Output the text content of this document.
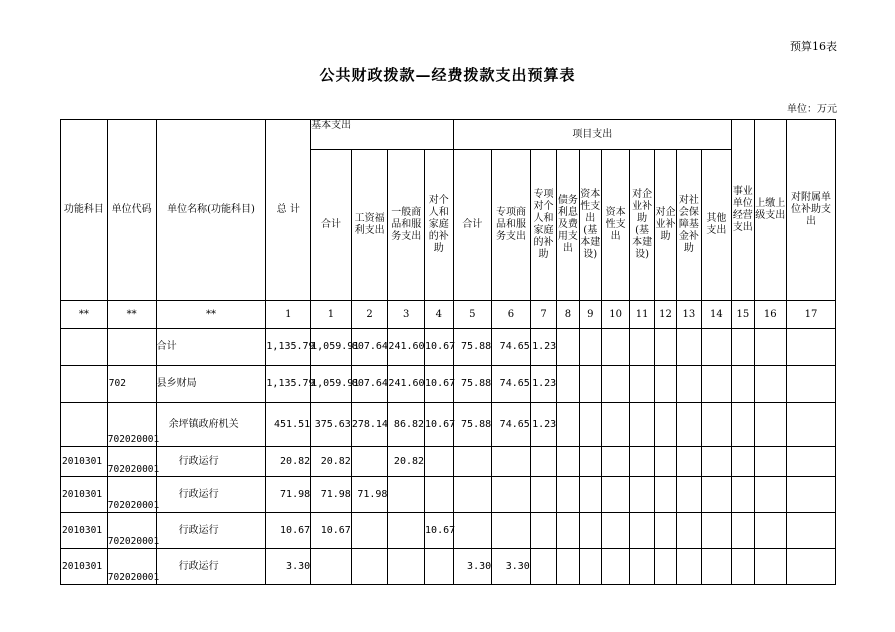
预算16表
公共财政拨款—经费拨款支出预算表
单位：万元
功能科目	单位代码	单位名称(功能科目)	总 计	基本支出				项目支出										事业单位经营支出	上缴上级支出	对附属单位补助支出
				合计	工资福利支出	一般商品和服务支出	对个人和家庭的补助	合计	专项商品和服务支出	专项对个人和家庭的补助	债务利息及费用支出	资本性支出(基本建设)	资本性支出	对企业补助(基本建设)	对企业补助	对社会保障基金补助	其他支出			
**	**	**	1	1	2	3	4	5	6	7	8	9	10	11	12	13	14	15	16	17
		合计	1,135.79	1,059.91	807.64	241.60	10.67	75.88	74.65	1.23										
	702	县乡财局	1,135.79	1,059.91	807.64	241.60	10.67	75.88	74.65	1.23										
	702020001	余坪镇政府机关	451.51	375.63	278.14	86.82	10.67	75.88	74.65	1.23										
2010301	702020001	行政运行	20.82	20.82		20.82														
2010301	702020001	行政运行	71.98	71.98	71.98															
2010301	702020001	行政运行	10.67	10.67			10.67													
2010301	702020001	行政运行	3.30					3.30	3.30											
